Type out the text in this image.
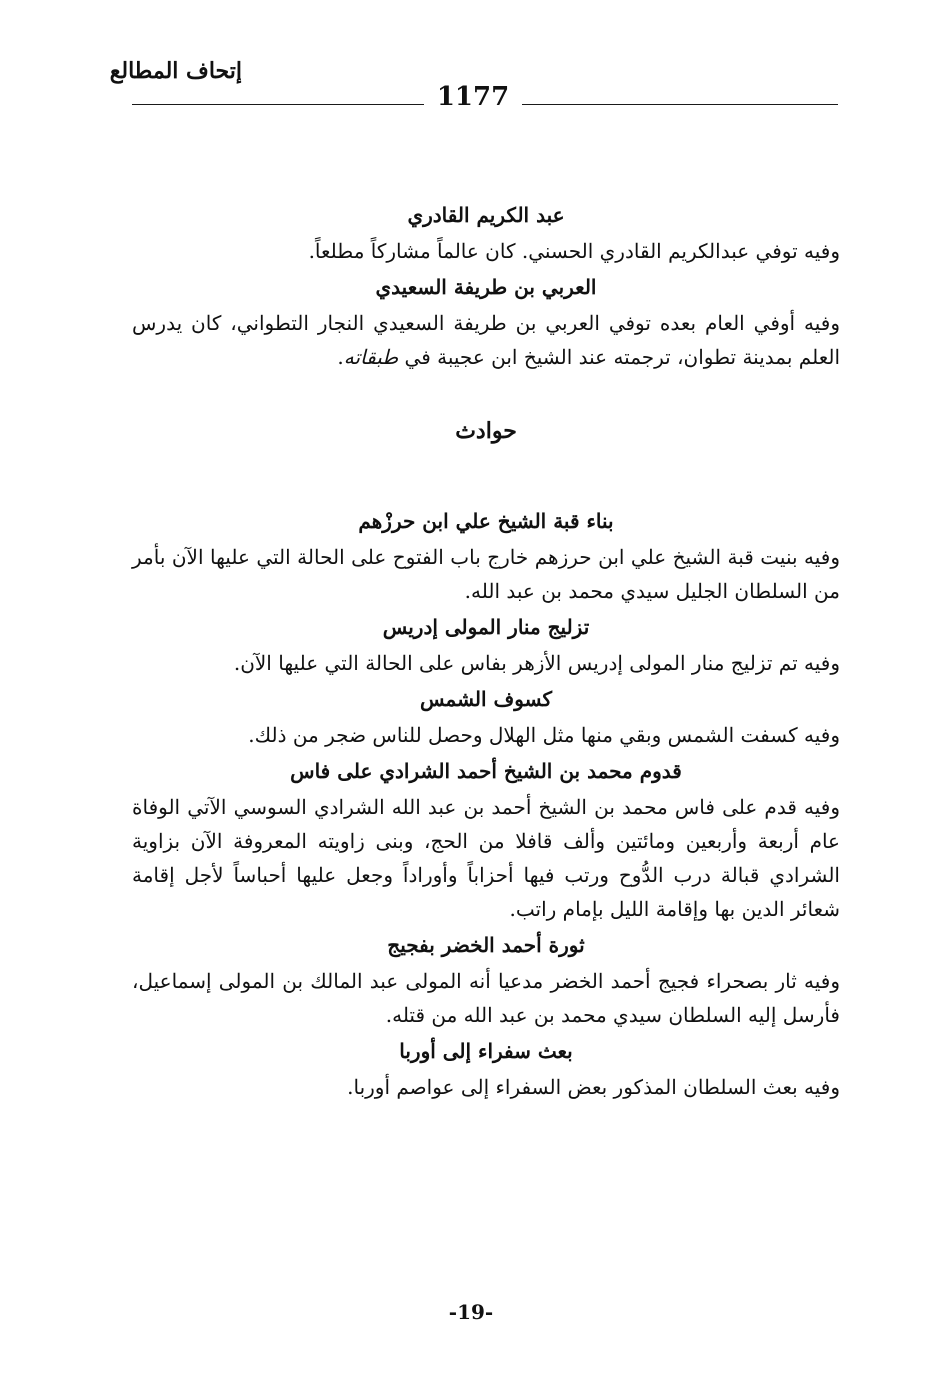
إتحاف المطالع
1177
عبد الكريم القادري
وفيه توفي عبدالكريم القادري الحسني. كان عالماً مشاركاً مطلعاً.
العربي بن طريفة السعيدي
وفيه أوفي العام بعده توفي العربي بن طريفة السعيدي النجار التطواني، كان يدرس العلم بمدينة تطوان، ترجمته عند الشيخ ابن عجيبة في طبقاته.
حوادث
بناء قبة الشيخ علي ابن حرزْهم
وفيه بنيت قبة الشيخ علي ابن حرزهم خارج باب الفتوح على الحالة التي عليها الآن بأمر من السلطان الجليل سيدي محمد بن عبد الله.
تزليج منار المولى إدريس
وفيه تم تزليج منار المولى إدريس الأزهر بفاس على الحالة التي عليها الآن.
كسوف الشمس
وفيه كسفت الشمس وبقي منها مثل الهلال وحصل للناس ضجر من ذلك.
قدوم محمد بن الشيخ أحمد الشرادي على فاس
وفيه قدم على فاس محمد بن الشيخ أحمد بن عبد الله الشرادي السوسي الآتي الوفاة عام أربعة وأربعين ومائتين وألف قافلا من الحج، وبنى زاويته المعروفة الآن بزاوية الشرادي قبالة درب الدُّوح ورتب فيها أحزاباً وأوراداً وجعل عليها أحباساً لأجل إقامة شعائر الدين بها وإقامة الليل بإمام راتب.
ثورة أحمد الخضر بفجيج
وفيه ثار بصحراء فجيج أحمد الخضر مدعيا أنه المولى عبد المالك بن المولى إسماعيل، فأرسل إليه السلطان سيدي محمد بن عبد الله من قتله.
بعث سفراء إلى أوربا
وفيه بعث السلطان المذكور بعض السفراء إلى عواصم أوربا.
-19-
